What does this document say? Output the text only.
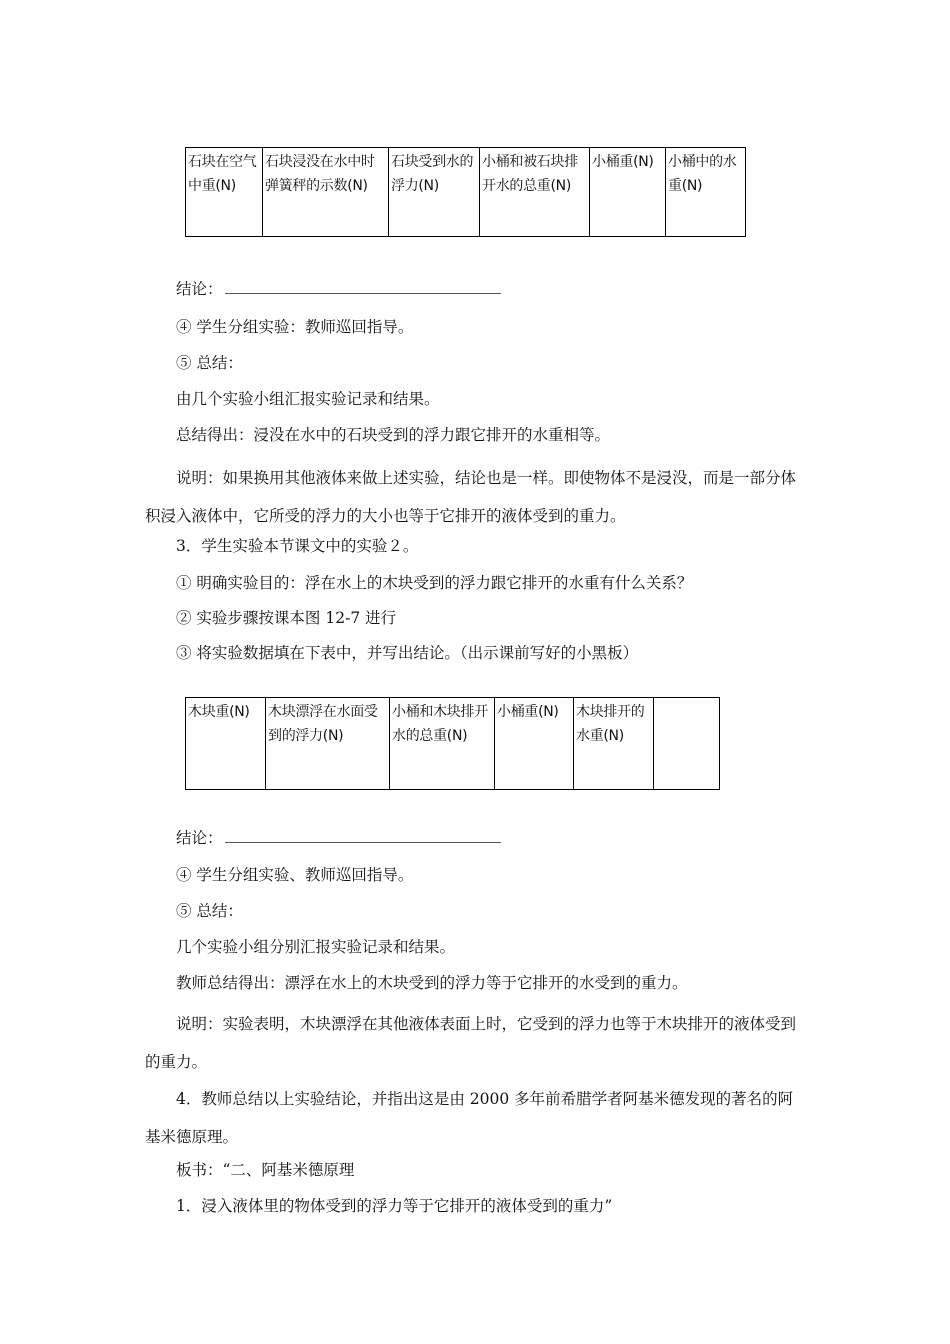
石块在空气中重(N)	石块浸没在水中时弹簧秤的示数(N)	石块受到水的浮力(N)	小桶和被石块排开水的总重(N)	小桶重(N)	小桶中的水重(N)
结论：
④ 学生分组实验：教师巡回指导。
⑤ 总结：
由几个实验小组汇报实验记录和结果。
总结得出：浸没在水中的石块受到的浮力跟它排开的水重相等。
说明：如果换用其他液体来做上述实验，结论也是一样。即使物体不是浸没，而是一部分体积浸入液体中，它所受的浮力的大小也等于它排开的液体受到的重力。
3．学生实验本节课文中的实验２。
① 明确实验目的：浮在水上的木块受到的浮力跟它排开的水重有什么关系？
② 实验步骤按课本图 12-7 进行
③ 将实验数据填在下表中，并写出结论。（出示课前写好的小黑板）
木块重(N)	木块漂浮在水面受到的浮力(N)	小桶和木块排开水的总重(N)	小桶重(N)	木块排开的水重(N)	
结论：
④ 学生分组实验、教师巡回指导。
⑤ 总结：
几个实验小组分别汇报实验记录和结果。
教师总结得出：漂浮在水上的木块受到的浮力等于它排开的水受到的重力。
说明：实验表明，木块漂浮在其他液体表面上时，它受到的浮力也等于木块排开的液体受到的重力。
4．教师总结以上实验结论，并指出这是由 2000 多年前希腊学者阿基米德发现的著名的阿基米德原理。
板书：“二、阿基米德原理
1．浸入液体里的物体受到的浮力等于它排开的液体受到的重力”
